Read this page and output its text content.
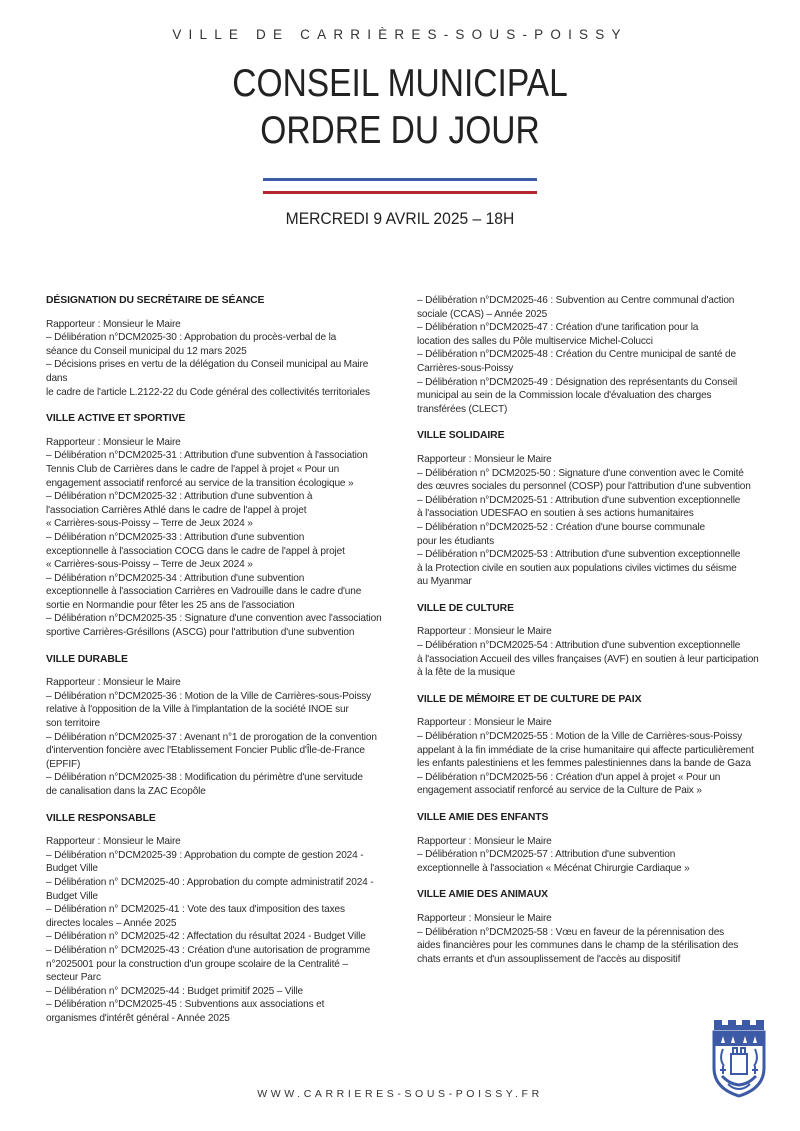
VILLE DE CARRIÈRES-SOUS-POISSY
CONSEIL MUNICIPAL
ORDRE DU JOUR
MERCREDI 9 AVRIL 2025 – 18H
DÉSIGNATION DU SECRÉTAIRE DE SÉANCE
Rapporteur : Monsieur le Maire
– Délibération n°DCM2025-30 : Approbation du procès-verbal de la
séance du Conseil municipal du 12 mars 2025
– Décisions prises en vertu de la délégation du Conseil municipal au Maire dans
le cadre de l'article L.2122-22 du Code général des collectivités territoriales
VILLE ACTIVE ET SPORTIVE
Rapporteur : Monsieur le Maire
– Délibération n°DCM2025-31 : Attribution d'une subvention à l'association
Tennis Club de Carrières dans le cadre de l'appel à projet « Pour un
engagement associatif renforcé au service de la transition écologique »
– Délibération n°DCM2025-32 : Attribution d'une subvention à
l'association Carrières Athlé dans le cadre de l'appel à projet
« Carrières-sous-Poissy – Terre de Jeux 2024 »
– Délibération n°DCM2025-33 : Attribution d'une subvention
exceptionnelle à l'association COCG dans le cadre de l'appel à projet
« Carrières-sous-Poissy – Terre de Jeux 2024 »
– Délibération n°DCM2025-34 : Attribution d'une subvention
exceptionnelle à l'association Carrières en Vadrouille dans le cadre d'une
sortie en Normandie pour fêter les 25 ans de l'association
– Délibération n°DCM2025-35 : Signature d'une convention avec l'association
sportive Carrières-Grésillons (ASCG) pour l'attribution d'une subvention
VILLE DURABLE
Rapporteur : Monsieur le Maire
– Délibération n°DCM2025-36 : Motion de la Ville de Carrières-sous-Poissy
relative à l'opposition de la Ville à l'implantation de la société INOE sur
son territoire
– Délibération n°DCM2025-37 : Avenant n°1 de prorogation de la convention
d'intervention foncière avec l'Etablissement Foncier Public d'Île-de-France (EPFIF)
– Délibération n°DCM2025-38 : Modification du périmètre d'une servitude
de canalisation dans la ZAC Ecopôle
VILLE RESPONSABLE
Rapporteur : Monsieur le Maire
– Délibération n°DCM2025-39 : Approbation du compte de gestion 2024 -
Budget Ville
– Délibération n° DCM2025-40 : Approbation du compte administratif 2024 -
Budget Ville
– Délibération n° DCM2025-41 : Vote des taux d'imposition des taxes
directes locales – Année 2025
– Délibération n° DCM2025-42 : Affectation du résultat 2024 - Budget Ville
– Délibération n° DCM2025-43 : Création d'une autorisation de programme
n°2025001 pour la construction d'un groupe scolaire de la Centralité –
secteur Parc
– Délibération n° DCM2025-44 : Budget primitif 2025 – Ville
– Délibération n°DCM2025-45 : Subventions aux associations et
organismes d'intérêt général - Année 2025
– Délibération n°DCM2025-46 : Subvention au Centre communal d'action
sociale (CCAS) – Année 2025
– Délibération n°DCM2025-47 : Création d'une tarification pour la
location des salles du Pôle multiservice Michel-Colucci
– Délibération n°DCM2025-48 : Création du Centre municipal de santé de
Carrières-sous-Poissy
– Délibération n°DCM2025-49 : Désignation des représentants du Conseil
municipal au sein de la Commission locale d'évaluation des charges
transférées (CLECT)
VILLE SOLIDAIRE
Rapporteur : Monsieur le Maire
– Délibération n° DCM2025-50 : Signature d'une convention avec le Comité
des œuvres sociales du personnel (COSP) pour l'attribution d'une subvention
– Délibération n°DCM2025-51 : Attribution d'une subvention exceptionnelle
à l'association UDESFAO en soutien à ses actions humanitaires
– Délibération n°DCM2025-52 : Création d'une bourse communale
pour les étudiants
– Délibération n°DCM2025-53 : Attribution d'une subvention exceptionnelle
à la Protection civile en soutien aux populations civiles victimes du séisme
au Myanmar
VILLE DE CULTURE
Rapporteur : Monsieur le Maire
– Délibération n°DCM2025-54 : Attribution d'une subvention exceptionnelle
à l'association Accueil des villes françaises (AVF) en soutien à leur participation
à la fête de la musique
VILLE DE MÉMOIRE ET DE CULTURE DE PAIX
Rapporteur : Monsieur le Maire
– Délibération n°DCM2025-55 : Motion de la Ville de Carrières-sous-Poissy
appelant à la fin immédiate de la crise humanitaire qui affecte particulièrement
les enfants palestiniens et les femmes palestiniennes dans la bande de Gaza
– Délibération n°DCM2025-56 : Création d'un appel à projet « Pour un
engagement associatif renforcé au service de la Culture de Paix »
VILLE AMIE DES ENFANTS
Rapporteur : Monsieur le Maire
– Délibération n°DCM2025-57 : Attribution d'une subvention
exceptionnelle à l'association « Mécénat Chirurgie Cardiaque »
VILLE AMIE DES ANIMAUX
Rapporteur : Monsieur le Maire
– Délibération n°DCM2025-58 : Vœu en faveur de la pérennisation des
aides financières pour les communes dans le champ de la stérilisation des
chats errants et d'un assouplissement de l'accès au dispositif
WWW.CARRIERES-SOUS-POISSY.FR
